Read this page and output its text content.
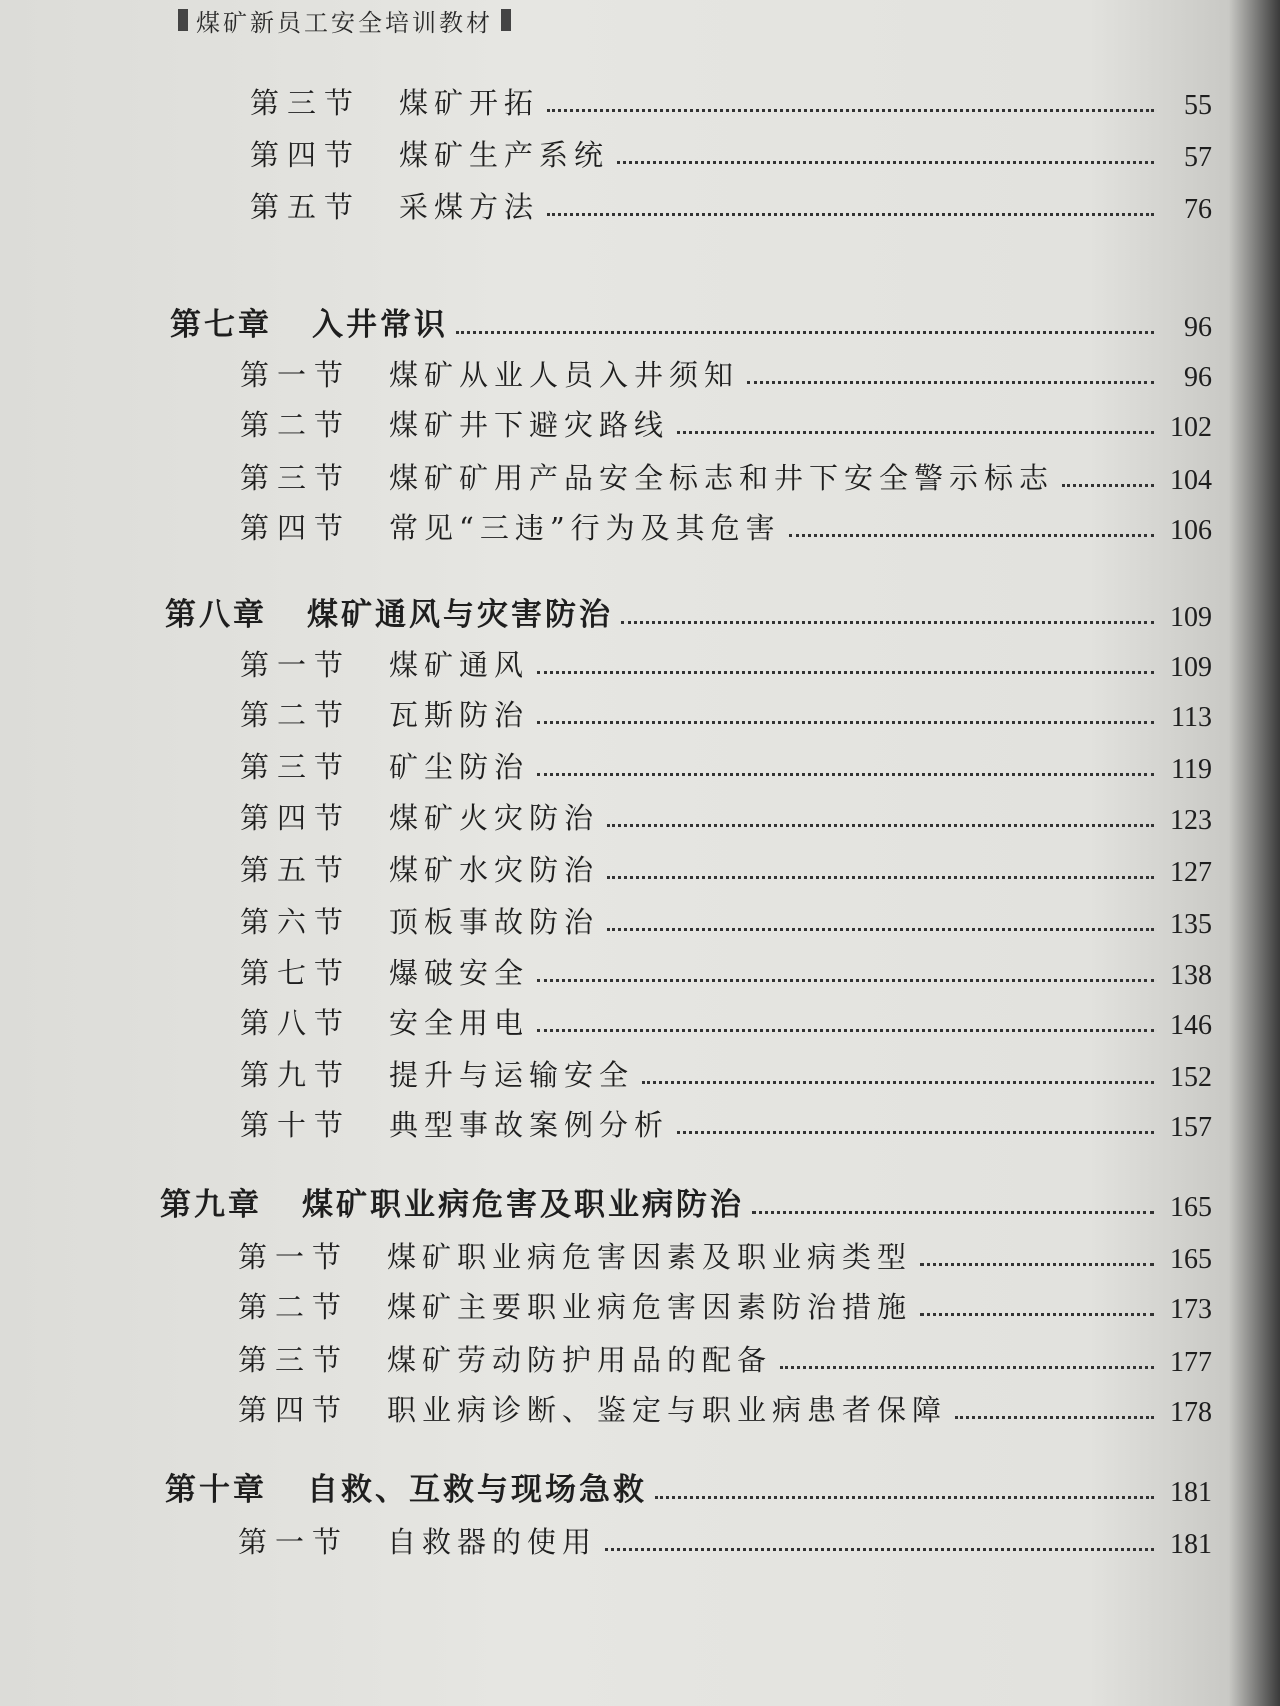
煤矿新员工安全培训教材
第三节 煤矿开拓	55
第四节 煤矿生产系统	57
第五节 采煤方法	76
第七章 入井常识	96
第一节 煤矿从业人员入井须知	96
第二节 煤矿井下避灾路线	102
第三节 煤矿矿用产品安全标志和井下安全警示标志	104
第四节 常见“三违”行为及其危害	106
第八章 煤矿通风与灾害防治	109
第一节 煤矿通风	109
第二节 瓦斯防治	113
第三节 矿尘防治	119
第四节 煤矿火灾防治	123
第五节 煤矿水灾防治	127
第六节 顶板事故防治	135
第七节 爆破安全	138
第八节 安全用电	146
第九节 提升与运输安全	152
第十节 典型事故案例分析	157
第九章 煤矿职业病危害及职业病防治	165
第一节 煤矿职业病危害因素及职业病类型	165
第二节 煤矿主要职业病危害因素防治措施	173
第三节 煤矿劳动防护用品的配备	177
第四节 职业病诊断、鉴定与职业病患者保障	178
第十章 自救、互救与现场急救	181
第一节 自救器的使用	181
